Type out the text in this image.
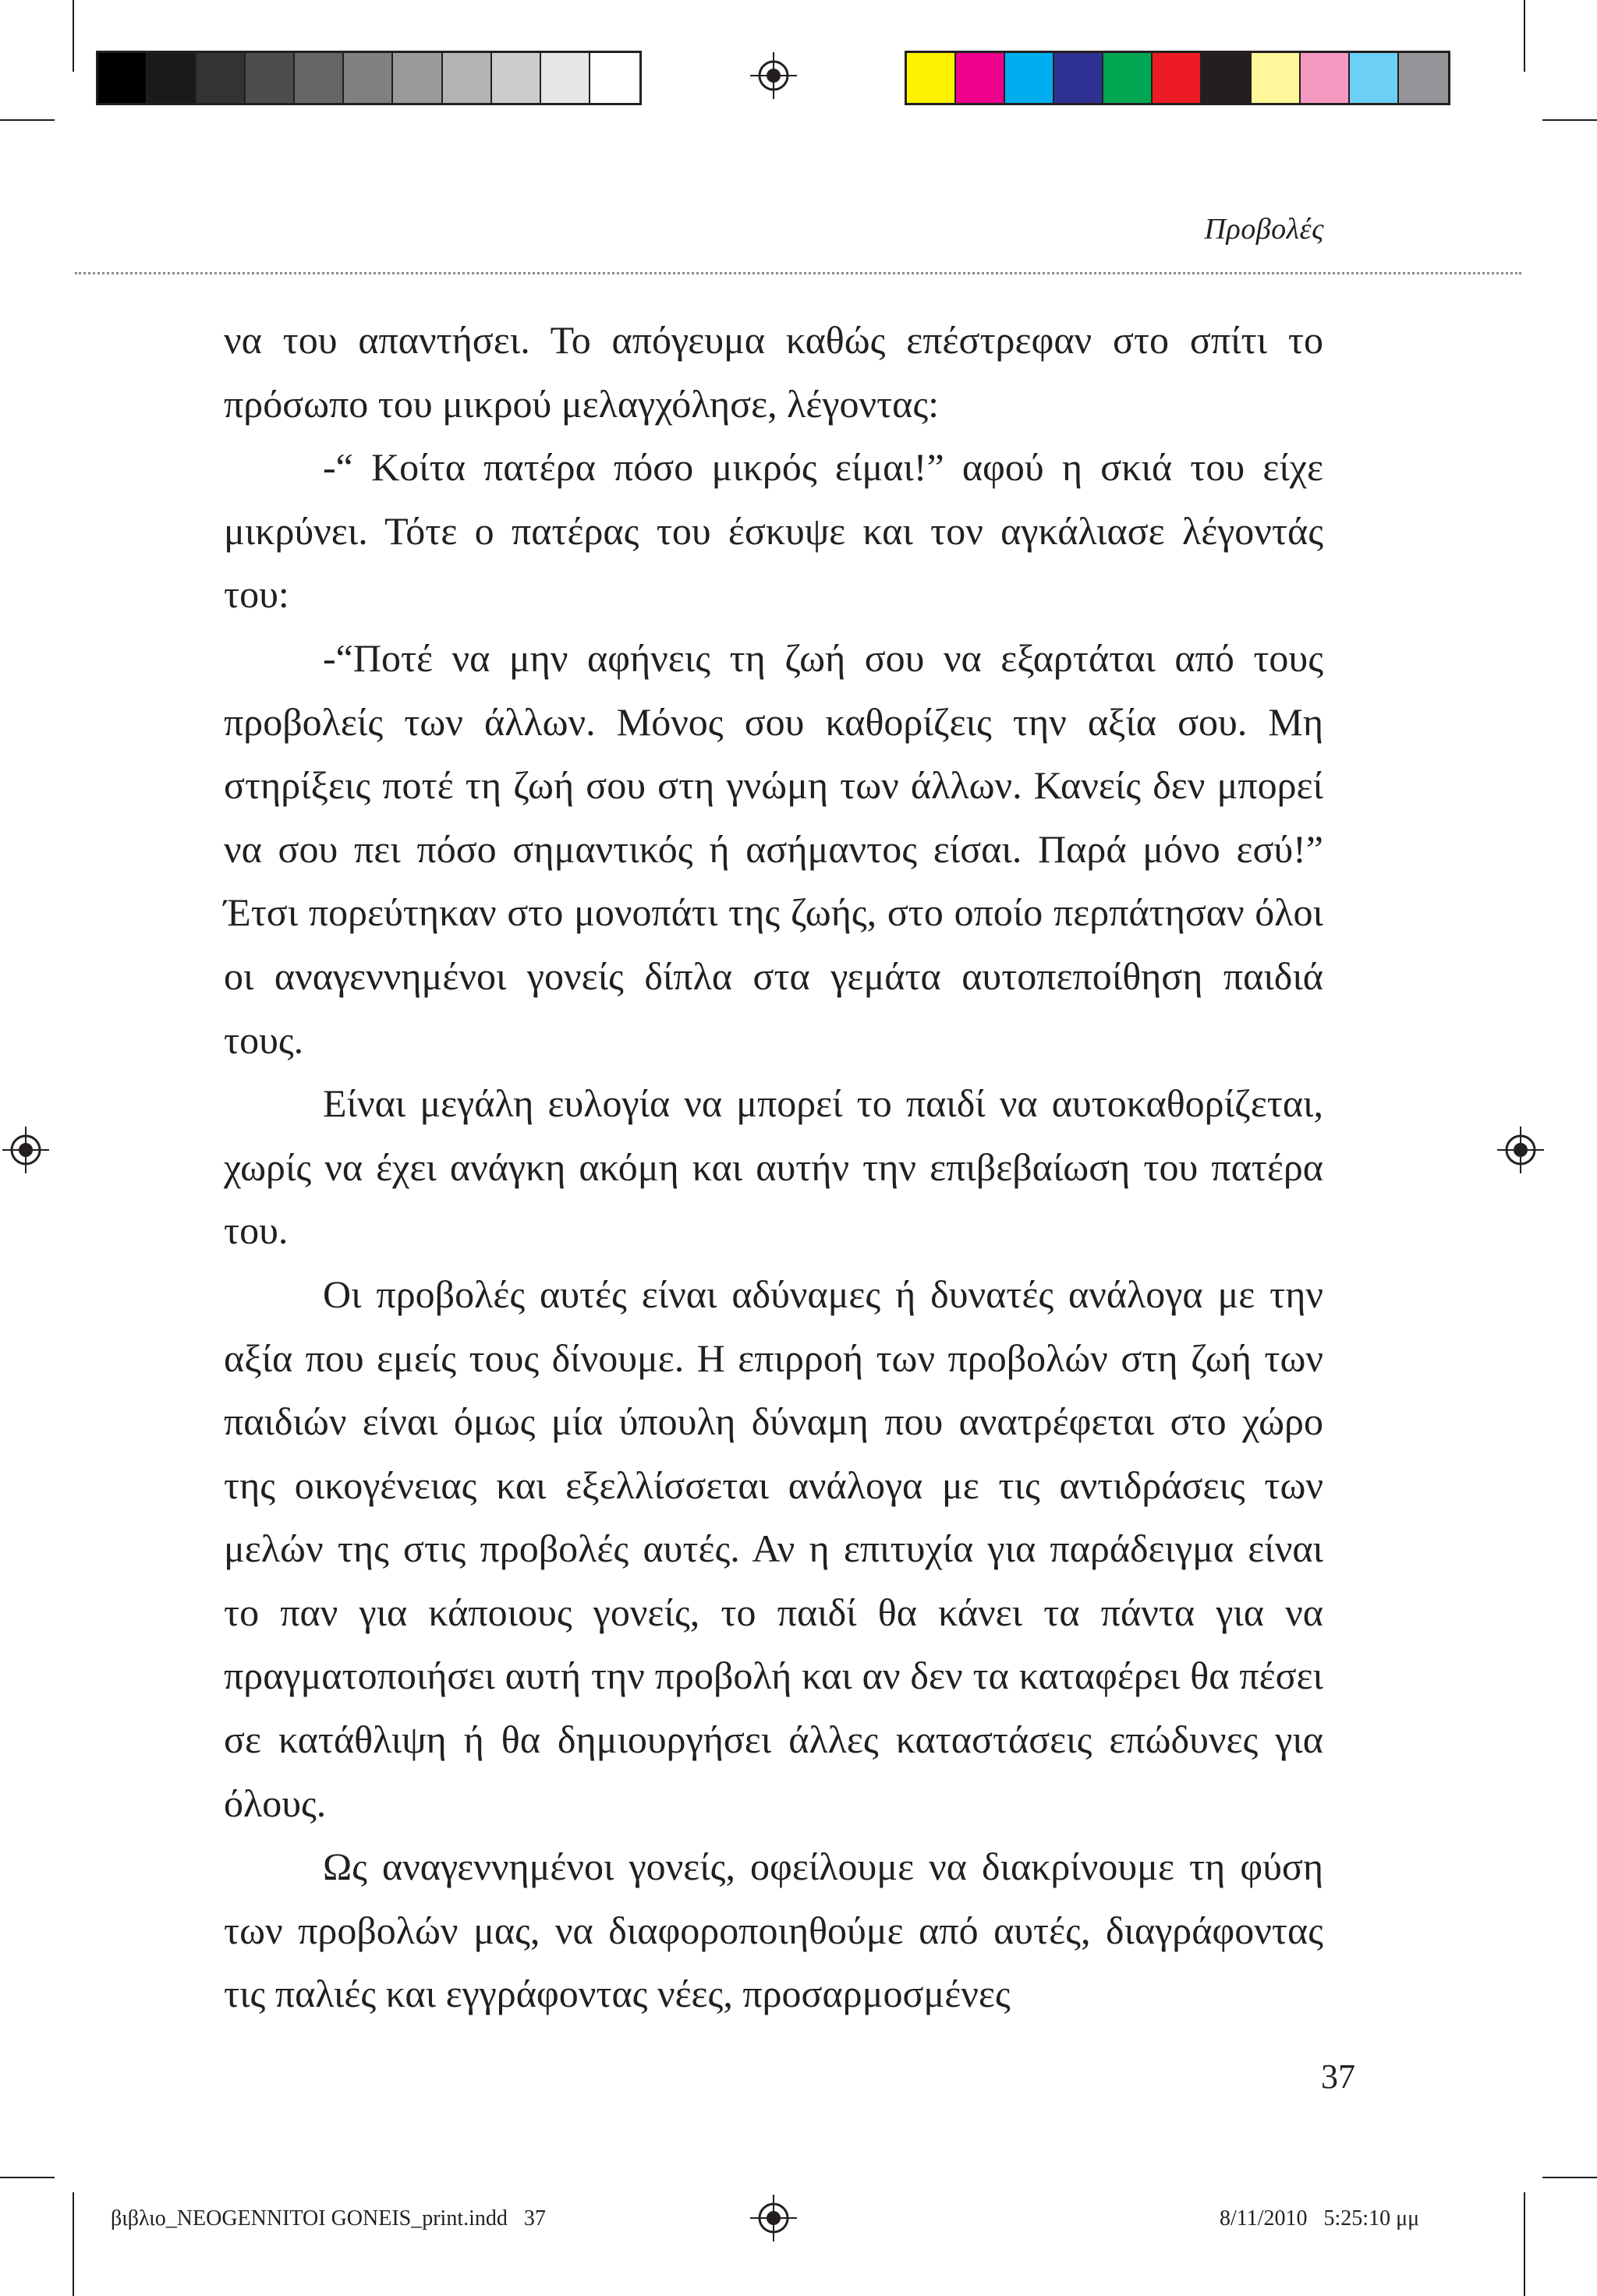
Προβολές

να του απαντήσει. Το απόγευμα καθώς επέστρεφαν στο σπίτι το πρόσωπο του μικρού μελαγχόλησε, λέγοντας:

-“ Κοίτα πατέρα πόσο μικρός είμαι!” αφού η σκιά του είχε μικρύνει. Τότε ο πατέρας του έσκυψε και τον αγκάλιασε λέγοντάς του:

-“Ποτέ να μην αφήνεις τη ζωή σου να εξαρτάται από τους προβολείς των άλλων. Μόνος σου καθορίζεις την αξία σου. Μη στηρίξεις ποτέ τη ζωή σου στη γνώμη των άλλων. Κανείς δεν μπορεί να σου πει πόσο σημαντικός ή ασήμαντος είσαι. Παρά μόνο εσύ!” Έτσι πορεύτηκαν στο μονοπάτι της ζωής, στο οποίο περπάτησαν όλοι οι αναγεννημένοι γονείς δίπλα στα γεμάτα αυτοπεποίθηση παιδιά τους.

Είναι μεγάλη ευλογία να μπορεί το παιδί να αυτοκαθορίζεται, χωρίς να έχει ανάγκη ακόμη και αυτήν την επιβεβαίωση του πατέρα του.

Οι προβολές αυτές είναι αδύναμες ή δυνατές ανάλογα με την αξία που εμείς τους δίνουμε. Η επιρροή των προβολών στη ζωή των παιδιών είναι όμως μία ύπουλη δύναμη που ανατρέφεται στο χώρο της οικογένειας και εξελλίσσεται ανάλογα με τις αντιδράσεις των μελών της στις προβολές αυτές. Αν η επιτυχία για παράδειγμα είναι το παν για κάποιους γονείς, το παιδί θα κάνει τα πάντα για να πραγματοποιήσει αυτή την προβολή και αν δεν τα καταφέρει θα πέσει σε κατάθλιψη ή θα δημιουργήσει άλλες καταστάσεις επώδυνες για όλους.

Ως αναγεννημένοι γονείς, οφείλουμε να διακρίνουμε τη φύση των προβολών μας, να διαφοροποιηθούμε από αυτές, διαγράφοντας τις παλιές και εγγράφοντας νέες, προσαρμοσμένες

37
βιβλιο_NEOGENNITOI GONEIS_print.indd   37	8/11/2010   5:25:10 μμ
